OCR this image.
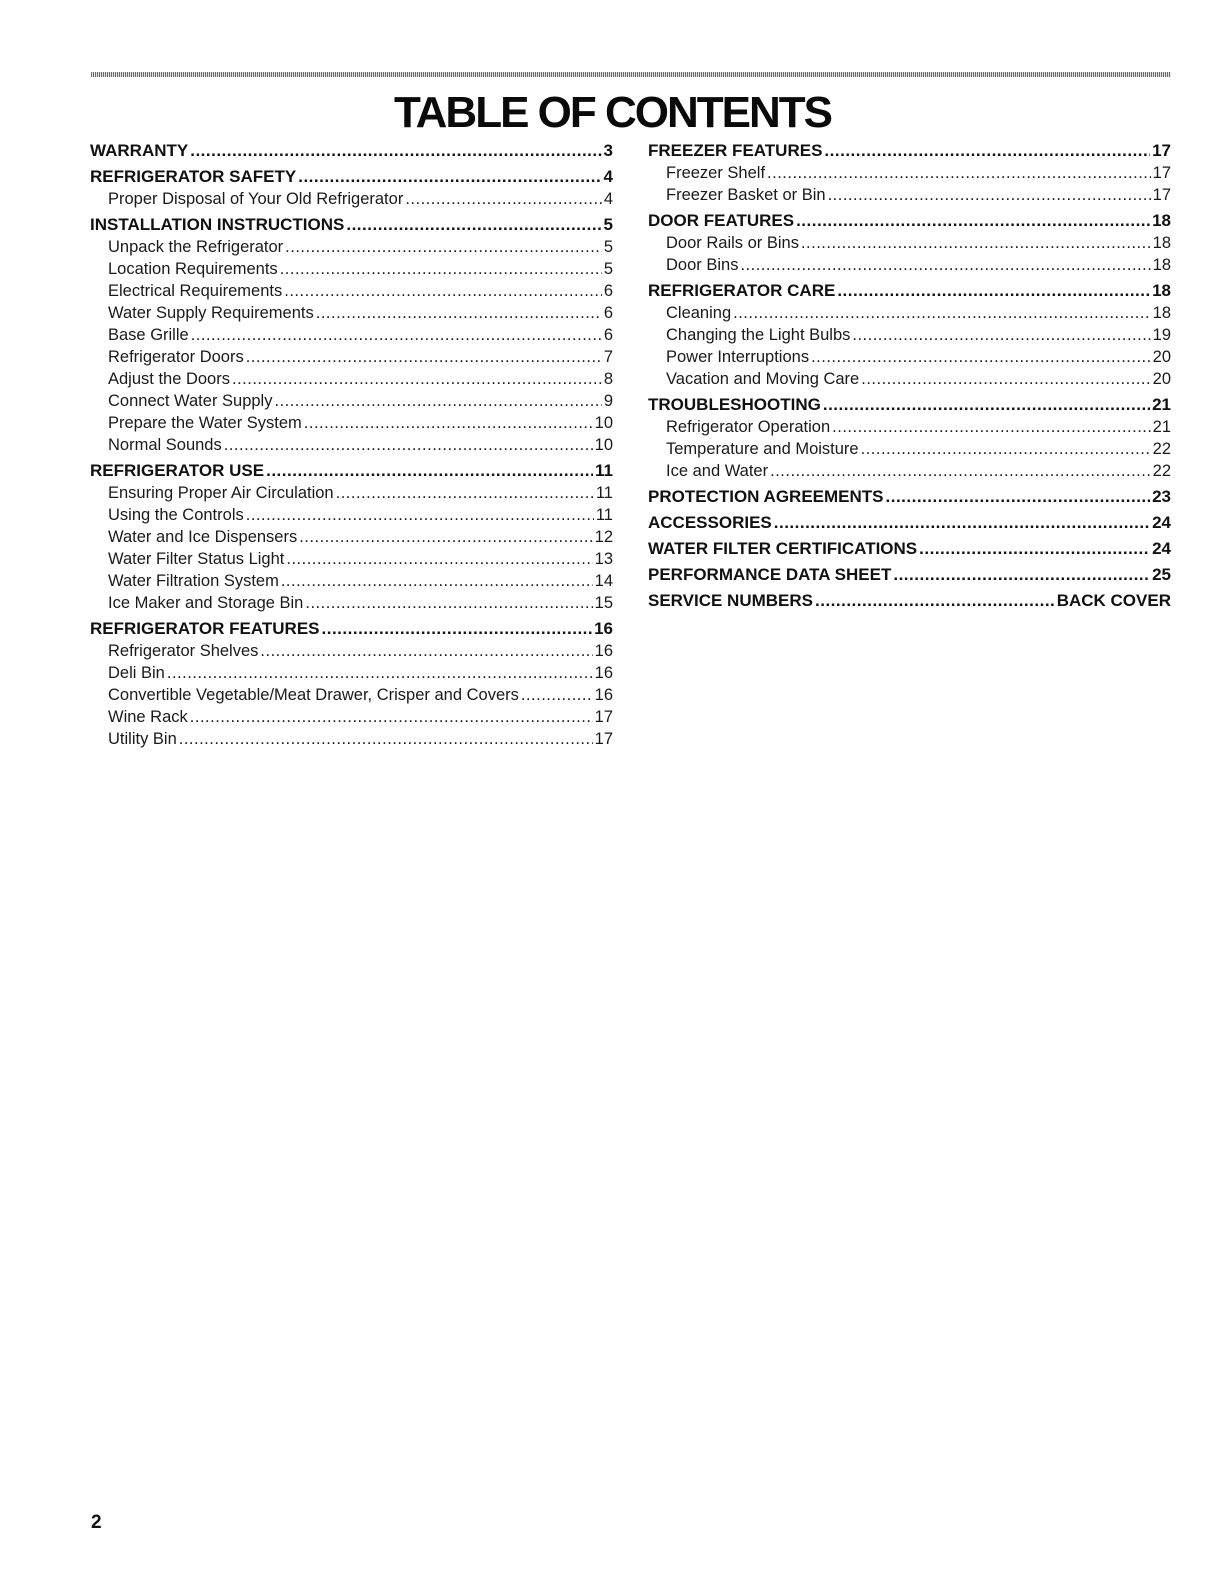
TABLE OF CONTENTS
WARRANTY .....	3
REFRIGERATOR SAFETY .....	4
Proper Disposal of Your Old Refrigerator .....	4
INSTALLATION INSTRUCTIONS .....	5
Unpack the Refrigerator .....	5
Location Requirements .....	5
Electrical Requirements .....	6
Water Supply Requirements .....	6
Base Grille .....	6
Refrigerator Doors .....	7
Adjust the Doors .....	8
Connect Water Supply .....	9
Prepare the Water System .....	10
Normal Sounds .....	10
REFRIGERATOR USE .....	11
Ensuring Proper Air Circulation .....	11
Using the Controls .....	11
Water and Ice Dispensers .....	12
Water Filter Status Light .....	13
Water Filtration System .....	14
Ice Maker and Storage Bin .....	15
REFRIGERATOR FEATURES .....	16
Refrigerator Shelves .....	16
Deli Bin .....	16
Convertible Vegetable/Meat Drawer, Crisper and Covers .....	16
Wine Rack .....	17
Utility Bin .....	17
FREEZER FEATURES .....	17
Freezer Shelf .....	17
Freezer Basket or Bin .....	17
DOOR FEATURES .....	18
Door Rails or Bins .....	18
Door Bins .....	18
REFRIGERATOR CARE .....	18
Cleaning .....	18
Changing the Light Bulbs .....	19
Power Interruptions .....	20
Vacation and Moving Care .....	20
TROUBLESHOOTING .....	21
Refrigerator Operation .....	21
Temperature and Moisture .....	22
Ice and Water .....	22
PROTECTION AGREEMENTS .....	23
ACCESSORIES .....	24
WATER FILTER CERTIFICATIONS .....	24
PERFORMANCE DATA SHEET .....	25
SERVICE NUMBERS .....	BACK COVER
2
